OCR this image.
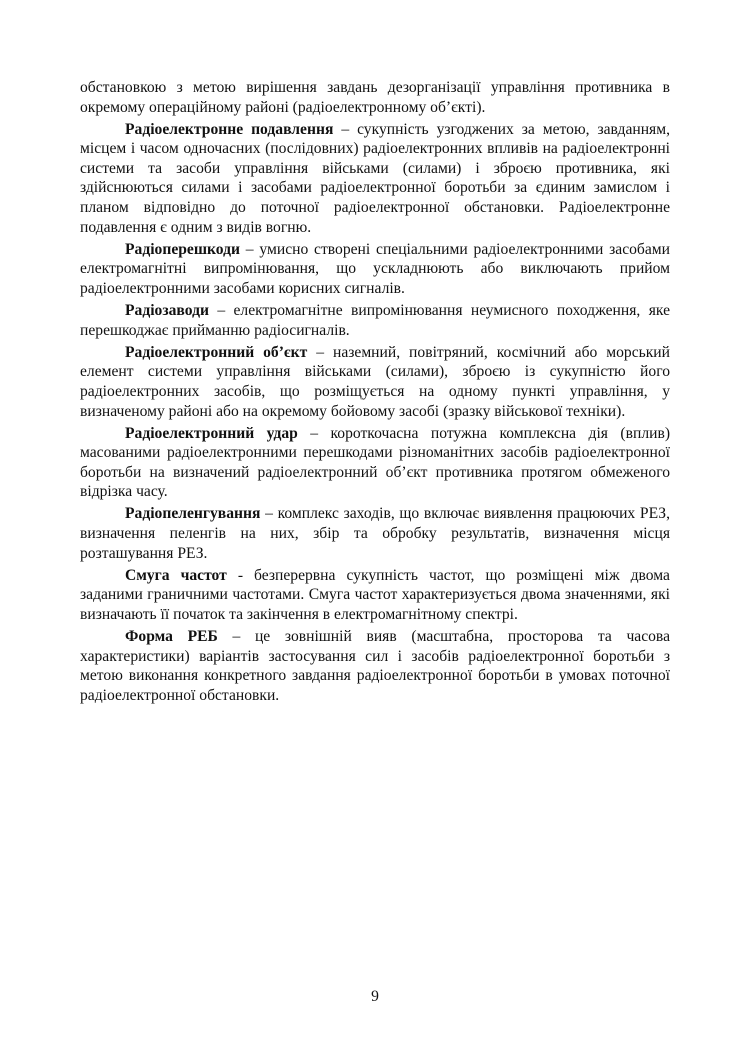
обстановкою з метою вирішення завдань дезорганізації управління противника в окремому операційному районі (радіоелектронному об’єкті).

Радіоелектронне подавлення – сукупність узгоджених за метою, завданням, місцем і часом одночасних (послідовних) радіоелектронних впливів на радіоелектронні системи та засоби управління військами (силами) і зброєю противника, які здійснюються силами і засобами радіоелектронної боротьби за єдиним замислом і планом відповідно до поточної радіоелектронної обстановки. Радіоелектронне подавлення є одним з видів вогню.

Радіоперешкоди – умисно створені спеціальними радіоелектронними засобами електромагнітні випромінювання, що ускладнюють або виключають прийом радіоелектронними засобами корисних сигналів.

Радіозаводи – електромагнітне випромінювання неумисного походження, яке перешкоджає прийманню радіосигналів.

Радіоелектронний об’єкт – наземний, повітряний, космічний або морський елемент системи управління військами (силами), зброєю із сукупністю його радіоелектронних засобів, що розміщується на одному пункті управління, у визначеному районі або на окремому бойовому засобі (зразку військової техніки).

Радіоелектронний удар – короткочасна потужна комплексна дія (вплив) масованими радіоелектронними перешкодами різноманітних засобів радіоелектронної боротьби на визначений радіоелектронний об’єкт противника протягом обмеженого відрізка часу.

Радіопеленгування – комплекс заходів, що включає виявлення працюючих РЕЗ, визначення пеленгів на них, збір та обробку результатів, визначення місця розташування РЕЗ.

Смуга частот - безперервна сукупність частот, що розміщені між двома заданими граничними частотами. Смуга частот характеризується двома значеннями, які визначають її початок та закінчення в електромагнітному спектрі.

Форма РЕБ – це зовнішній вияв (масштабна, просторова та часова характеристики) варіантів застосування сил і засобів радіоелектронної боротьби з метою виконання конкретного завдання радіоелектронної боротьби в умовах поточної радіоелектронної обстановки.

9
